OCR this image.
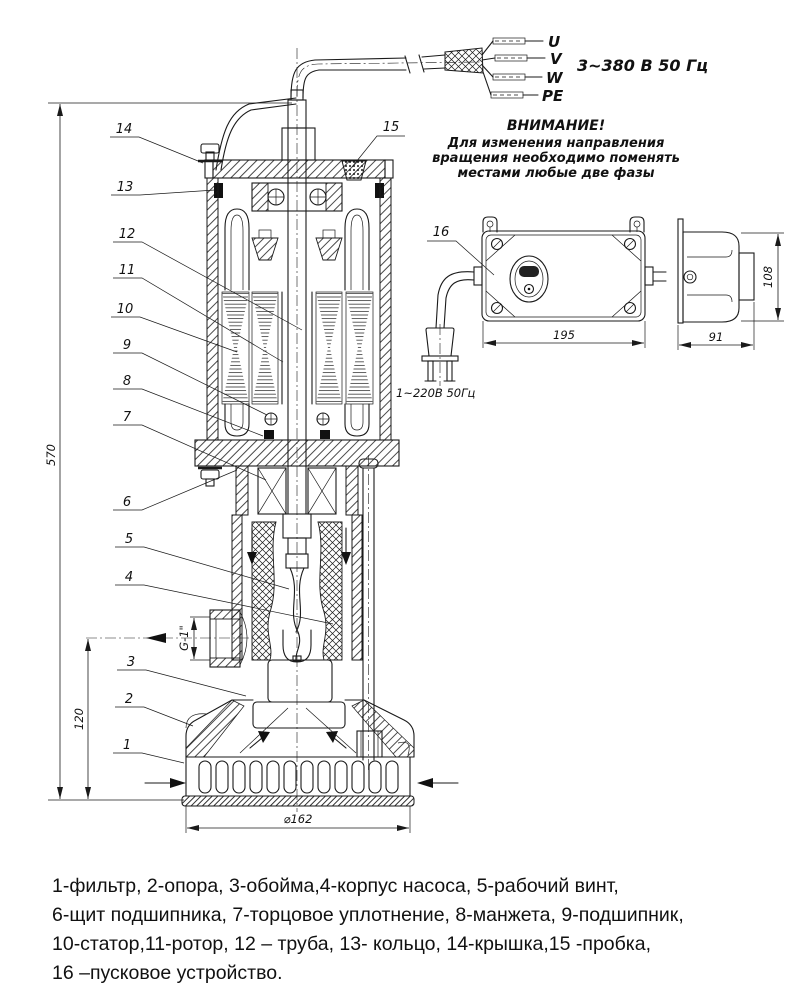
U
V
W
PE
3~380 В 50 Гц
ВНИМАНИЕ!
Для изменения направления
вращения необходимо поменять
местами любые две фазы
570
120
⌀162
G-1"
14
13
12
11
10
9
8
7
6
5
4
3
2
1
15
16
1~220В 50Гц
195
108
91
1-фильтр, 2-опора, 3-обойма,4-корпус насоса, 5-рабочий винт,
6-щит подшипника, 7-торцовое уплотнение, 8-манжета, 9-подшипник,
10-статор,11-ротор, 12 – труба, 13- кольцо, 14-крышка,15 -пробка,
16 –пусковое устройство.
